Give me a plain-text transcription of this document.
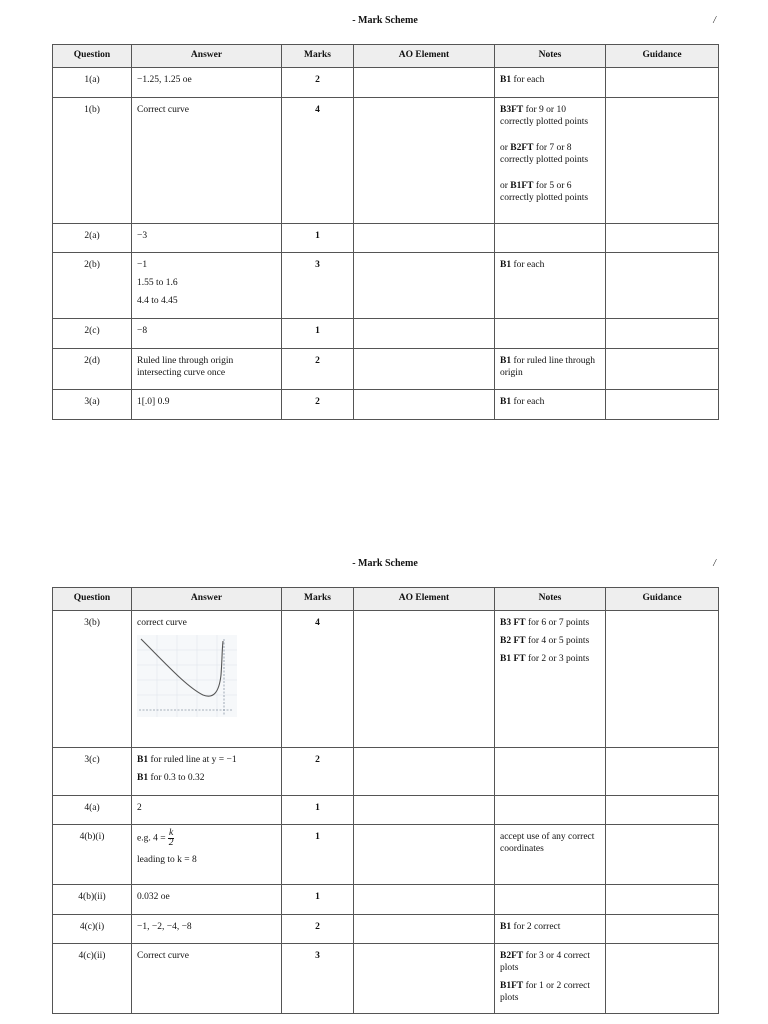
- Mark Scheme	/
Question	Answer	Marks	AO Element	Notes	Guidance
1(a)	−1.25, 1.25 oe	2		B1 for each	
1(b)	Correct curve	4		B3FT for 9 or 10 correctly plotted points
or B2FT for 7 or 8 correctly plotted points
or B1FT for 5 or 6 correctly plotted points	

2(a)	−3	1			
2(b)	−1
1.55 to 1.6
4.4 to 4.45	3		B1 for each	
2(c)	−8	1			
2(d)	Ruled line through origin intersecting curve once	2		B1 for ruled line through origin	
3(a)	1[.0] 0.9	2		B1 for each	
- Mark Scheme	/
Question	Answer	Marks	AO Element	Notes	Guidance
3(b)	correct curve	4		B3 FT for 6 or 7 points
B2 FT for 4 or 5 points
B1 FT for 2 or 3 points	

3(c)	B1 for ruled line at y = −1
B1 for 0.3 to 0.32	2			
4(a)	2	1			
4(b)(i)	e.g. $4 = \frac{k}{2}$
leading to k = 8	1		accept use of any correct coordinates	
4(b)(ii)	0.032 oe	1			
4(c)(i)	−1, −2, −4, −8	2		B1 for 2 correct	
4(c)(ii)	Correct curve	3		B2FT for 3 or 4 correct plots
B1FT for 1 or 2 correct plots	
